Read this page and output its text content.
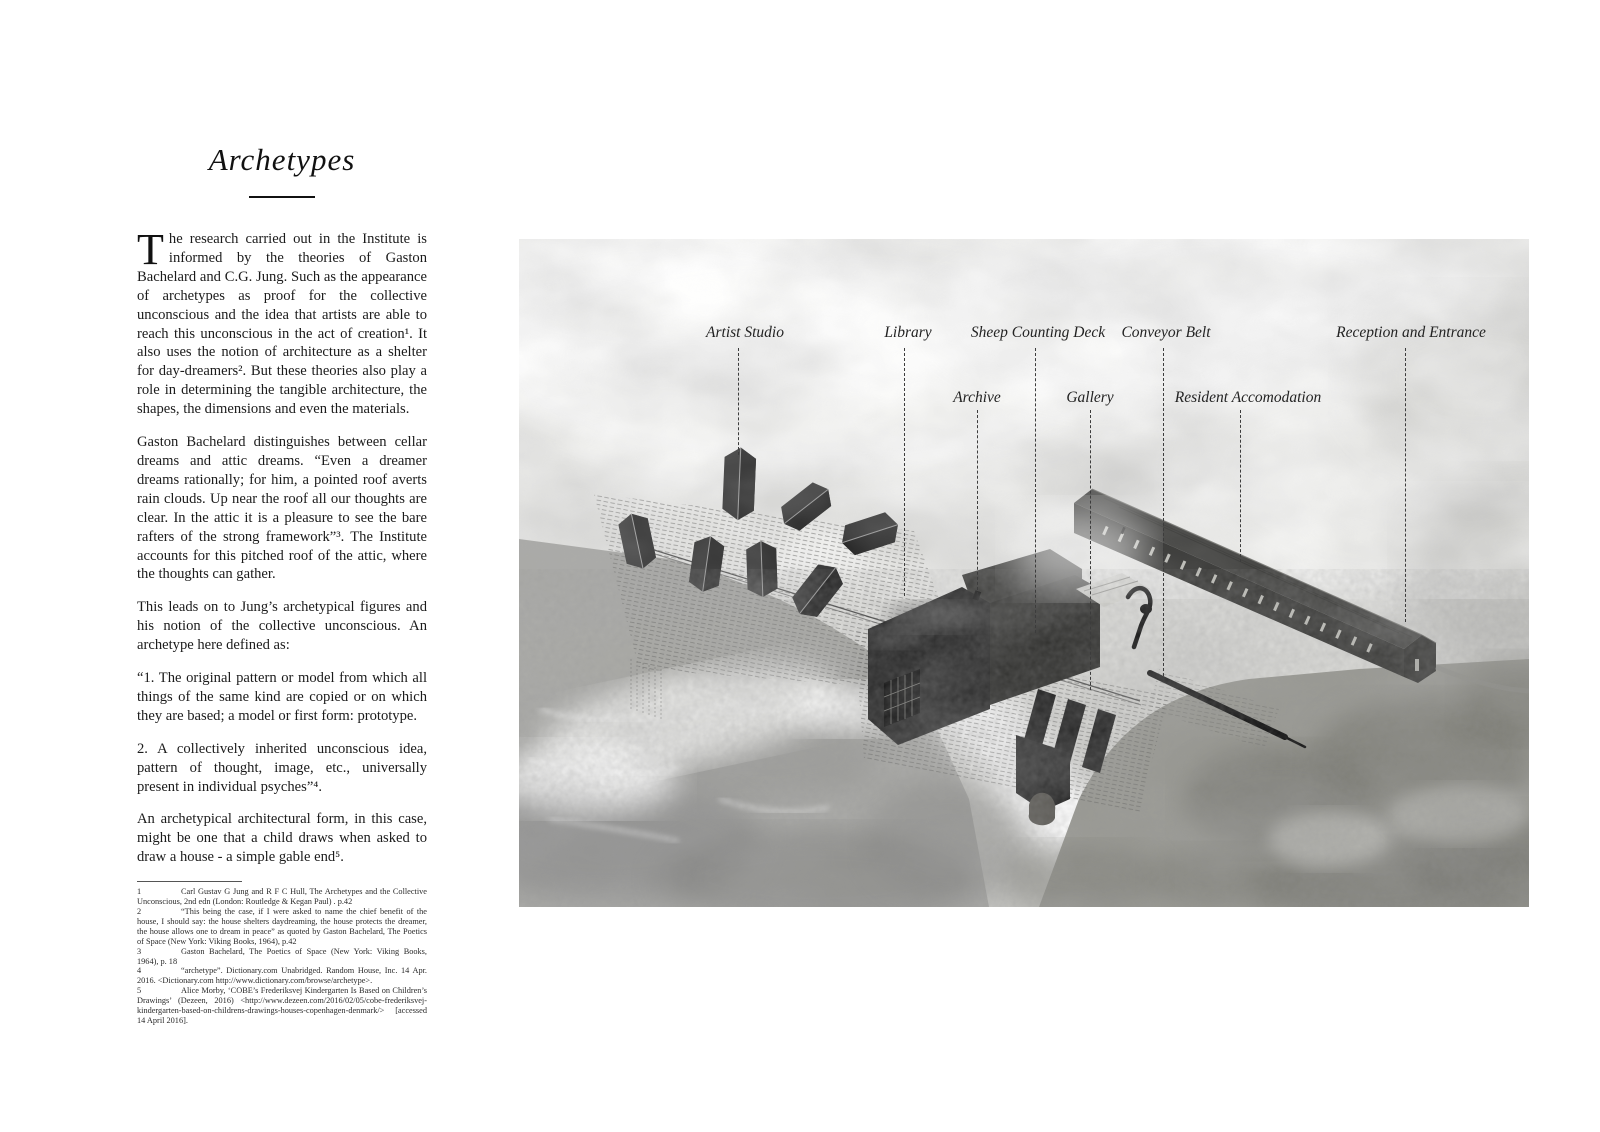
Archetypes

The research carried out in the Institute is informed by the theories of Gaston Bachelard and C.G. Jung. Such as the appearance of archetypes as proof for the collective unconscious and the idea that artists are able to reach this unconscious in the act of creation¹. It also uses the notion of architecture as a shelter for day-dreamers². But these theories also play a role in determining the tangible architecture, the shapes, the dimensions and even the materials.

Gaston Bachelard distinguishes between cellar dreams and attic dreams. “Even a dreamer dreams rationally; for him, a pointed roof averts rain clouds. Up near the roof all our thoughts are clear. In the attic it is a pleasure to see the bare rafters of the strong framework”³. The Institute accounts for this pitched roof of the attic, where the thoughts can gather.

This leads on to Jung’s archetypical figures and his notion of the collective unconscious. An archetype here defined as:

“1. The original pattern or model from which all things of the same kind are copied or on which they are based; a model or first form: prototype.

2. A collectively inherited unconscious idea, pattern of thought, image, etc., universally present in individual psyches”⁴.

An archetypical architectural form, in this case, might be one that a child draws when asked to draw a house - a simple gable end⁵.

1	Carl Gustav G Jung and R F C Hull, The Archetypes and the Collective Unconscious, 2nd edn (London: Routledge & Kegan Paul) . p.42
2	“This being the case, if I were asked to name the chief benefit of the house, I should say: the house shelters daydreaming, the house protects the dreamer, the house allows one to dream in peace” as quoted by Gaston Bachelard, The Poetics of Space (New York: Viking Books, 1964), p.42
3	Gaston Bachelard, The Poetics of Space (New York: Viking Books, 1964), p. 18
4	“archetype”. Dictionary.com Unabridged. Random House, Inc. 14 Apr. 2016. <Dictionary.com http://www.dictionary.com/browse/archetype>.
5	Alice Morby, ‘COBE’s Frederiksvej Kindergarten Is Based on Children’s Drawings’ (Dezeen, 2016) <http://www.dezeen.com/2016/02/05/cobe-frederiksvej-kindergarten-based-on-childrens-drawings-houses-copenhagen-denmark/> [accessed 14 April 2016].
Artist Studio	Library	Sheep Counting Deck Conveyor Belt	Reception and Entrance
Archive	Gallery	Resident Accomodation
